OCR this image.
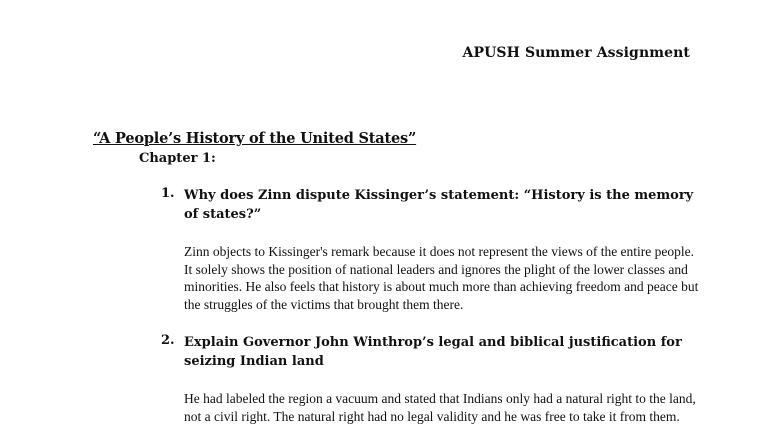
APUSH Summer Assignment
“A People’s History of the United States”
Chapter 1:
1. Why does Zinn dispute Kissinger’s statement: “History is the memory of states?”

Zinn objects to Kissinger's remark because it does not represent the views of the entire people. It solely shows the position of national leaders and ignores the plight of the lower classes and minorities. He also feels that history is about much more than achieving freedom and peace but the struggles of the victims that brought them there.

2. Explain Governor John Winthrop’s legal and biblical justification for seizing Indian land

He had labeled the region a vacuum and stated that Indians only had a natural right to the land, not a civil right. The natural right had no legal validity and he was free to take it from them.
